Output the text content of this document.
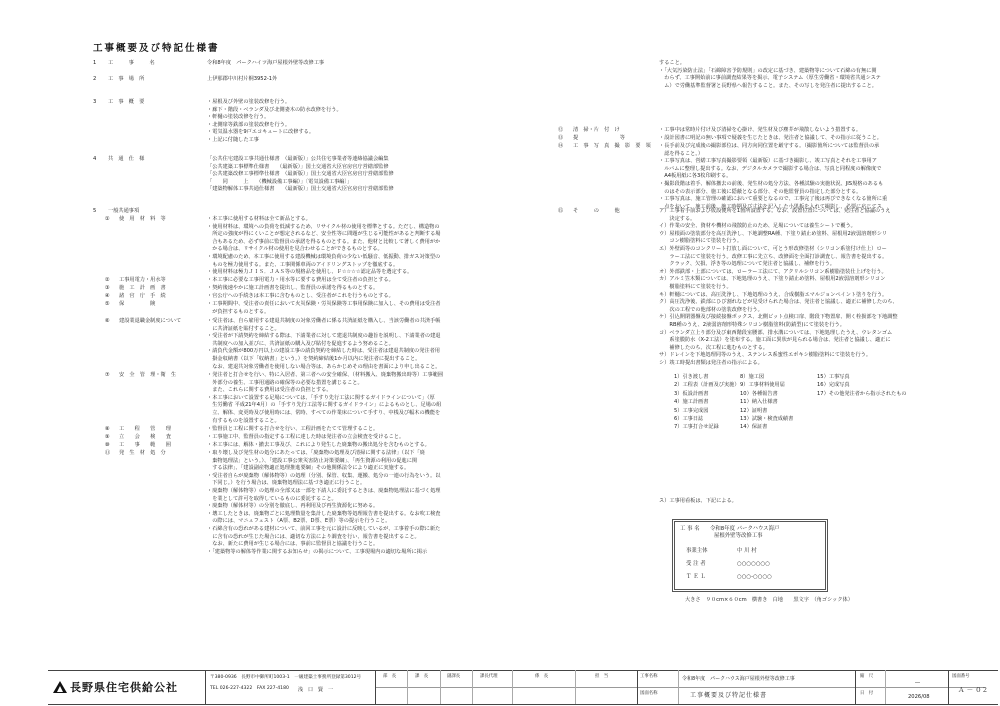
工事概要及び特記仕様書
1 工　　　事　　　名	令和8年度　パークハイツ海戸屋根外壁等改修工事
2 工　事　場　所	上伊那郡中川村片桐3952-1外
3 工　事　概　要	・屋根及び外壁の塗装改修を行う。
・廊下・階段・ベランダ及び北側妻木の防水改修を行う。
・軒樋の塗装改修を行う。
・北側扉等鉄部の塗装改修を行う。
・電気温水器を9戸エコキュートに改修する。
・上記に付随した工事
4 共　通　仕　様	「公共住宅建設工事共通仕様書　（最新版）」公共住宅事業者等連絡協議会編集
「公共建築工事標準仕様書　　（最新版）」国土交通省大臣官房官庁営繕部監修
「公共建築改修工事標準仕様書　（最新版）」国土交通省大臣官房官庁営繕部監修
「　　同　　　上　　（機械設備工事編）」〔電気設備工事編〕」
「建築物解体工事共通仕様書　　（最新版）」国土交通省大臣官房官庁営繕部監修
5 一般共通事項
① 使　用　材　料　等	・本工事に使用する材料は全て新品とする。
・使用材料は、環境への負荷を低減するため、リサイクル材の使用を標準とする。ただし、構造物の
　所定の強度が得にくいことが想定されるなど、安全性等に問題が生じる可能性があると判断する場
　合もあるため、必ず事前に監督員の承諾を得るものとする。また、他材と比較して著しく費用がか
　かる場合は、リサイクル材の使用を見合わせることができるものとする。
・環境配慮のため、本工事に使用する建設機械は環境負荷の少ない低騒音、低振動、排ガス対策型の
　ものを極力使用する。また、工事関係車両のアイドリングストップを徹底する。
・使用材料は極力ＪＩＳ．ＪＡＳ等の規格品を使用し、Ｆ☆☆☆☆認定品等を選定する。
② 工事用電力・用水等	・本工事に必要な工事用電力・用水等に要する費用は全て受注者の負担とする。
③ 施　工　計　画　書	・契約後速やかに施工計画書を提出し、監督員の承諾を得るものとする。
④ 諸　官　庁　手　続	・官公庁への手続きは本工事に含むものとし、受注者がこれを行うものとする。
⑤ 保　　　　　険	・工事期間中、受注者の責任において火災保険・労災保険等工事用保険に加入し、その費用は受注者
　が負担するものとする。
⑥ 建設業退職金制度について	・受注者は、自ら雇用する建退共制度の対象労働者に係る共済証紙を購入し、当該労働者の共済手帳
　に共済証紙を貼付すること。
・受注者が下請契約を締結する際は、下請業者に対して建退共制度の趣旨を説明し、下請業者の建退
　共制度への加入並びに、共済証紙の購入及び貼付を促進するよう努めること。
・請負代金額が800万円以上の建設工事の請負契約を締結した時は、受注者は建退共制度の発注者用
　掛金収納書（以下「収納書」という。）を契約締結後1か月以内に発注者に提出すること。
　なお、建退共対象労働者を使用しない場合等は、あらかじめその理由を書面により申し出ること。
⑦ 安　全　管　理・衛　生	・発注者と打合せを行い、特に入居者、第三者への安全確保、（材料搬入、廃棄物搬出時等）工事範囲
　外部分の養生、工事用通路の確保等の必要な措置を講じること。
　また、これらに関する費用は受注者の負担とする。
・本工事において設置する足場については、「手すり先行工法に関するガイドラインについて」（厚
　生労働省 平成21年4月）の「手すり先行工法等に関するガイドライン」によるものとし、足場の組
　立、解体、変更時及び使用時には、常時、すべての作業床について手すり、中桟及び幅木の機能を
　有するものを設置すること。
⑧ 工　　程　　管　　理	・監督員と工程に関する打合せを行い、工程計画をたてて管理すること。
⑨ 立　　会　　検　　査	・工事施工中、監督員の指定する工程に達した時は発注者の立会検査を受けること。
⑩ 工　　事　　範　　囲	・本工事には、解体・撤去工事及び、これにより発生した廃棄物の搬出処分を含むものとする。
⑪ 発　生　材　処　分	・取り壊し及び発生材の処分にあたっては、「廃棄物の処理及び清掃に関する法律」（以下「廃
　棄物処理法」という。）、「建設工事公衆災害防止対策要綱」、「再生資源の利用の促進に関
　する法律」、「建設副産物適正処理推進要綱」その他関係法令により適正に実施する。
・受注者自らが廃棄物（解体物等）の処理（分別、保管、収集、運搬、処分の一連の行為をいう。以
　下同じ。）を行う場合は、廃棄物処理法に基づき適正に行うこと。
・廃棄物（解体物等）の処理の全部又は一部を下請人に委託するときは、廃棄物処理法に基づく処理
　を業として許可を取得しているものに委託すること。
・廃棄物（解体材等）の分別を徹底し、再利用及び再生資源化に努める。
・壊工したときは、廃棄物ごとに処理数量を集計した廃棄物等処理報告書を提出する。なお吹工検査
　の際には、マニュフェスト（A票、B2票、D票、E票）等の提示を行うこと。
・石綿含有の恐れがある建材について、前回工事を元に設計に反映しているが、工事着手の際に新た
　に含有の恐れが生じた場合には、適切な方法により調査を行い、報告書を提出すること。
　なお、新たに費用が生じる場合には、事前に監督員と協議を行うこと。
・「建築物等の解体等作業に関するお知らせ」の掲示について、工事現場内の適切な場所に掲示
すること。
・「大気汚染防止法」「石綿障害予防規則」の改定に基づき、建築物等について石綿の有無に関
　わらず、工事開始前に事前調査結果等を掲示、電子システム（厚生労働省・環境省共通システ
　ム）で労働基準監督署と長野県へ報告すること。また、その写しを発注者に提出すること。
⑫ 清　掃・片　付　け	・工事中は常時片付け及び清掃を心掛け、発生材及び塵芥が飛散しないよう措置する。
⑬ 提　　　　　　　　等	・設計図書に明記の無い事項で疑義を生じたときは、発注者と協議して、その指示に従うこと。
⑭ 工　事　写　真　撮　影　要　領 ・長手前及び完成後の撮影部位は、同方向同位置を厳守する。（撮影箇所については監督員の承
　認を得ること。）
・工事写真は、営繕工事写真撮影要領（最新版）に基づき撮影し、竣工写真とそれを工事用ア
　ルバムに整理し提出する。なお、デジタルカメラで撮影する場合は、写真と同程度の解像度で
　A4板用紙に各3枚印刷する。
・撮影段階は着手、解体撤去の前後、発生材の処分方法、各種試験の実施状況、JIS規格のあるも
　のはその表示部分、施工後に隠蔽となる部分、その他監督員の指定した部分とする。
・工事写真は、施工管理の確認において重要となるので、工事完了後は再びできなくなる箇所に重
　点をおいて、施工前後、施工時期及び寸法を記入した小黒板を入れて撮影し、必要に応じてス
⑮ そ　　　の　　　他	ア）工事着手前および仮設便所を1箇所設置する。なお、設置位置については、発注者と協議のうえ
　　決定する。
イ）作業の安全、資材や機材の飛散防止のため、足場については養生シートで覆う。
ウ）屋根面の塗装部分を高圧洗浄し、下地調整RA種、下塗り錆止め塗料、屋根用2液弱溶剤形シリ
　　コン樹脂塗料にて塗装を行う。
エ）外壁面等のコンクリート打放し面について、可とう形改修塗材（シリコン系塗付け仕上）ロー
　　ラー工法にて塗装を行う。改修工事に先立ち、改修面を全面打診調査し、報告書を提出する。
　　クラック、欠損、浮き等の処理について発注者と協議し、補修を行う。
オ）外部鉄部・上部については、ローラー工法にて、アクリルシリコン系樹脂塗装仕上げを行う。
カ）アルミ笠木類については、下地処理のうえ、下塗り錆止め塗料、屋根用2液弱溶剤形シリコン
　　樹脂塗料にて塗装を行う。
キ）軒樋については、高圧洗浄し、下地処理のうえ、合成樹脂エマルジョンペイント塗りを行う。
ク）高圧洗浄後、鉄部にひび割れなどが見受けられた場合は、発注者と協議し、適正に補修したのち、
　　次の工程での他部材の塗装改修を行う。
ケ）引込開閉器盤及び接続接盤ボックス、北側ビット点検口扉、階段下物置扉、開く栓扱部を下地調整
　　RB種のうえ、2液弱溶剤形特殊シリコン樹脂塗料(防錆型)にて塗装を行う。
コ）ベランダ立上り部分及び東西階段室腰部、排水溝については、下地処理したうえ、ウレタンゴム
　　系塗膜防水（X-2工法）を塗布する。施工面に異状が見られる場合は、発注者と協議し、適正に
　　補修したのち、次工程に進むものとする。
サ）ドレインを下地処理同等のうえ、ステンレス系蜜性エポキシ樹脂塗料にて塗装を行う。
シ）竣工時提出書類は発注者の指示による。
1）引き渡し書	8）施工図	15）工事写真
2）工程表（計画及び実施） 9）工事材料使用届	16）完成写真
3）仮設計画書	10）各種報告書	17）その他発注者から指示されたもの
4）施工計画書	11）納入仕様書
5）工事完成図	12）証明書
6）工事日誌	13）試験・検査成績書
7）工事打合せ記録	14）保証書
ス）工事用看板は、下記による。
工 事 名 令和8年度 パークハウス海戸
屋根外壁等改修工事
事業主体	中 川 村
受 注 者	○○○○○○○
Ｔ Ｅ Ｌ	○○○-○○○○
大きさ　９０cm×６０cm　横書き　白地　　黒文字　（角ゴシック体）
長野県住宅供給公社
〒380-0936　長野市中御所町1003-1　一級建築士事務所登録第3012号
TEL 026-227-4322　FAX 227-4180 浅　口　賢　一
部　長	課　長	副課長	課長代理	係　長	担　当	工事名称	令和8年度　パークハウス海戸屋根外壁等改修工事
図面名称	工事概要及び特記仕様書
縮　尺
―
日　付
2026/08
図面番号
Ａ － ０２
